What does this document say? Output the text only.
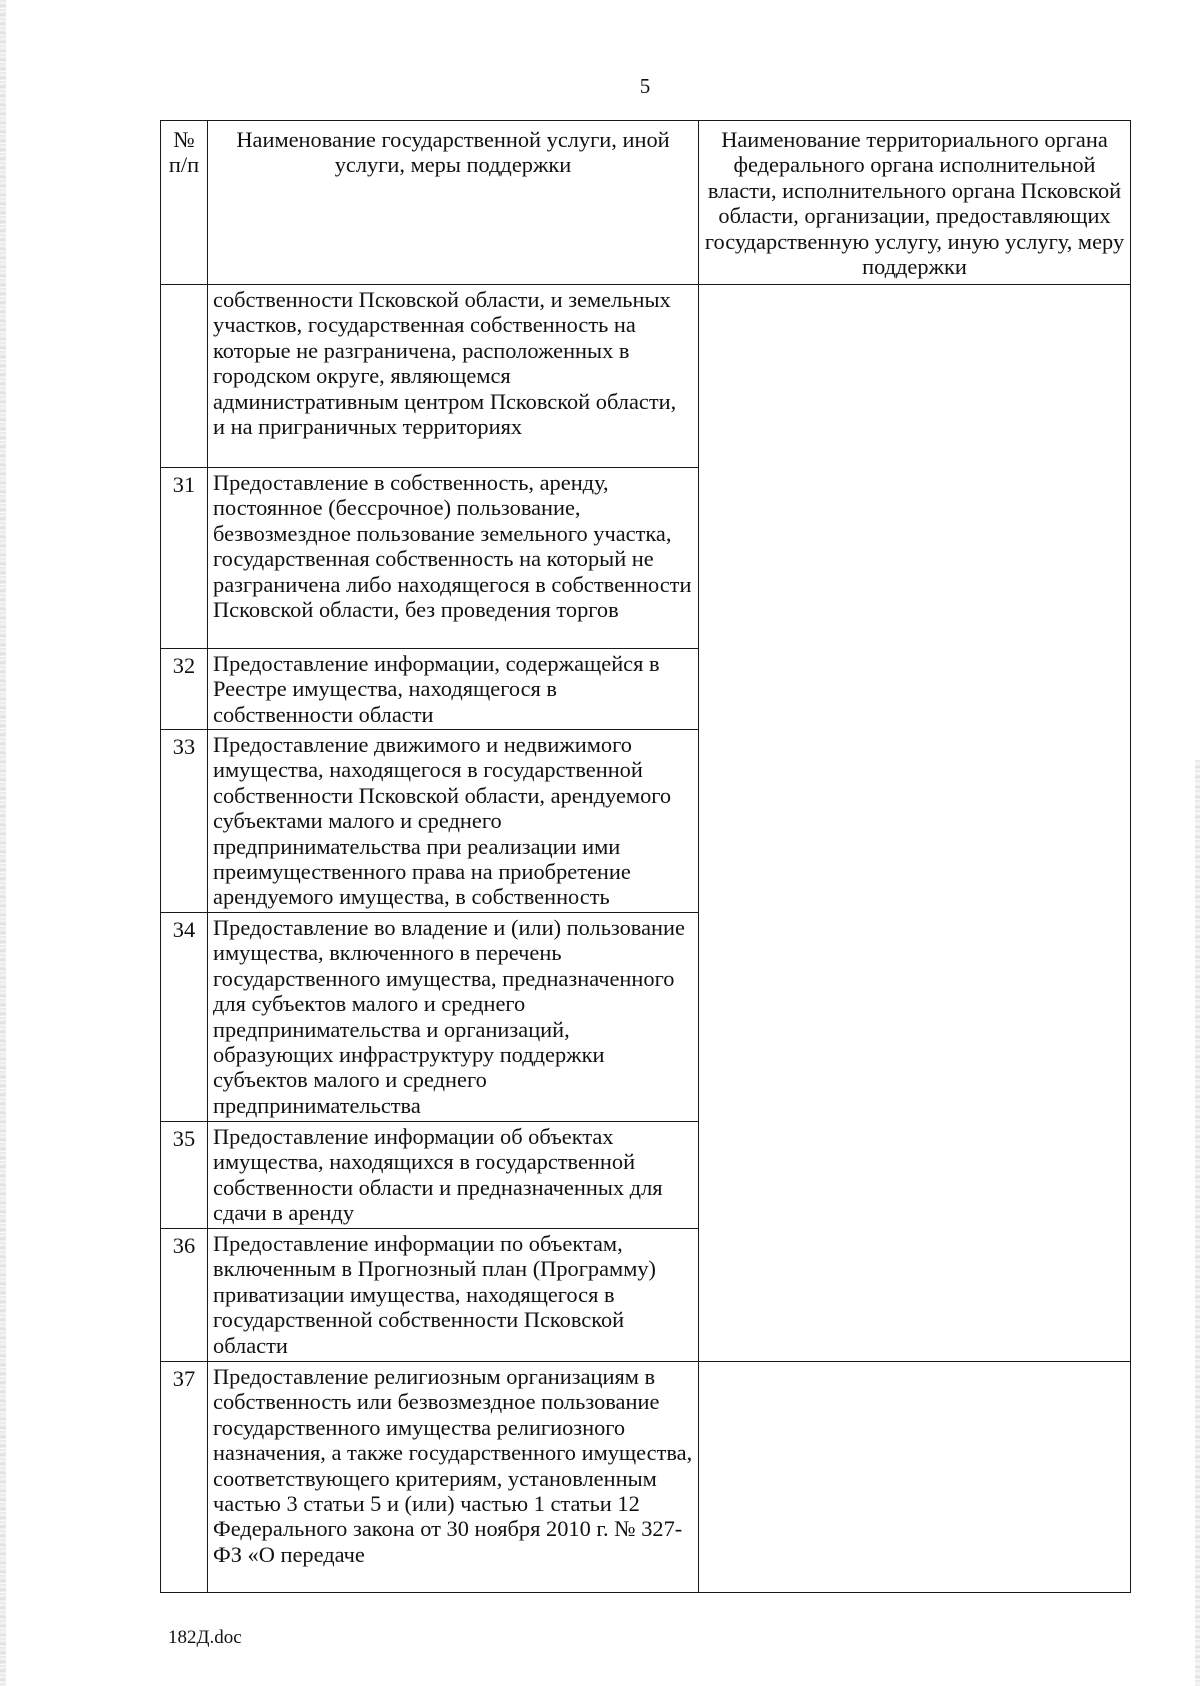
5
№ п/п	Наименование государственной услуги, иной услуги, меры поддержки	Наименование территориального органа федерального органа исполнительной власти, исполнительного органа Псковской области, организации, предоставляющих государственную услугу, иную услугу, меру поддержки
	собственности Псковской области, и земельных участков, государственная собственность на которые не разграничена, расположенных в городском округе, являющемся административным центром Псковской области, и на приграничных территориях	
31	Предоставление в собственность, аренду, постоянное (бессрочное) пользование, безвозмездное пользование земельного участка, государственная собственность на который не разграничена либо находящегося в собственности Псковской области, без проведения торгов	
32	Предоставление информации, содержащейся в Реестре имущества, находящегося в собственности области	
33	Предоставление движимого и недвижимого имущества, находящегося в государственной собственности Псковской области, арендуемого субъектами малого и среднего предпринимательства при реализации ими преимущественного права на приобретение арендуемого имущества, в собственность	
34	Предоставление во владение и (или) пользование имущества, включенного в перечень государственного имущества, предназначенного для субъектов малого и среднего предпринимательства и организаций, образующих инфраструктуру поддержки субъектов малого и среднего предпринимательства	
35	Предоставление информации об объектах имущества, находящихся в государственной собственности области и предназначенных для сдачи в аренду	
36	Предоставление информации по объектам, включенным в Прогнозный план (Программу) приватизации имущества, находящегося в государственной собственности Псковской области	
37	Предоставление религиозным организациям в собственность или безвозмездное пользование государственного имущества религиозного назначения, а также государственного имущества, соответствующего критериям, установленным частью 3 статьи 5 и (или) частью 1 статьи 12 Федерального закона от 30 ноября 2010 г. № 327-ФЗ «О передаче	
182Д.doc
